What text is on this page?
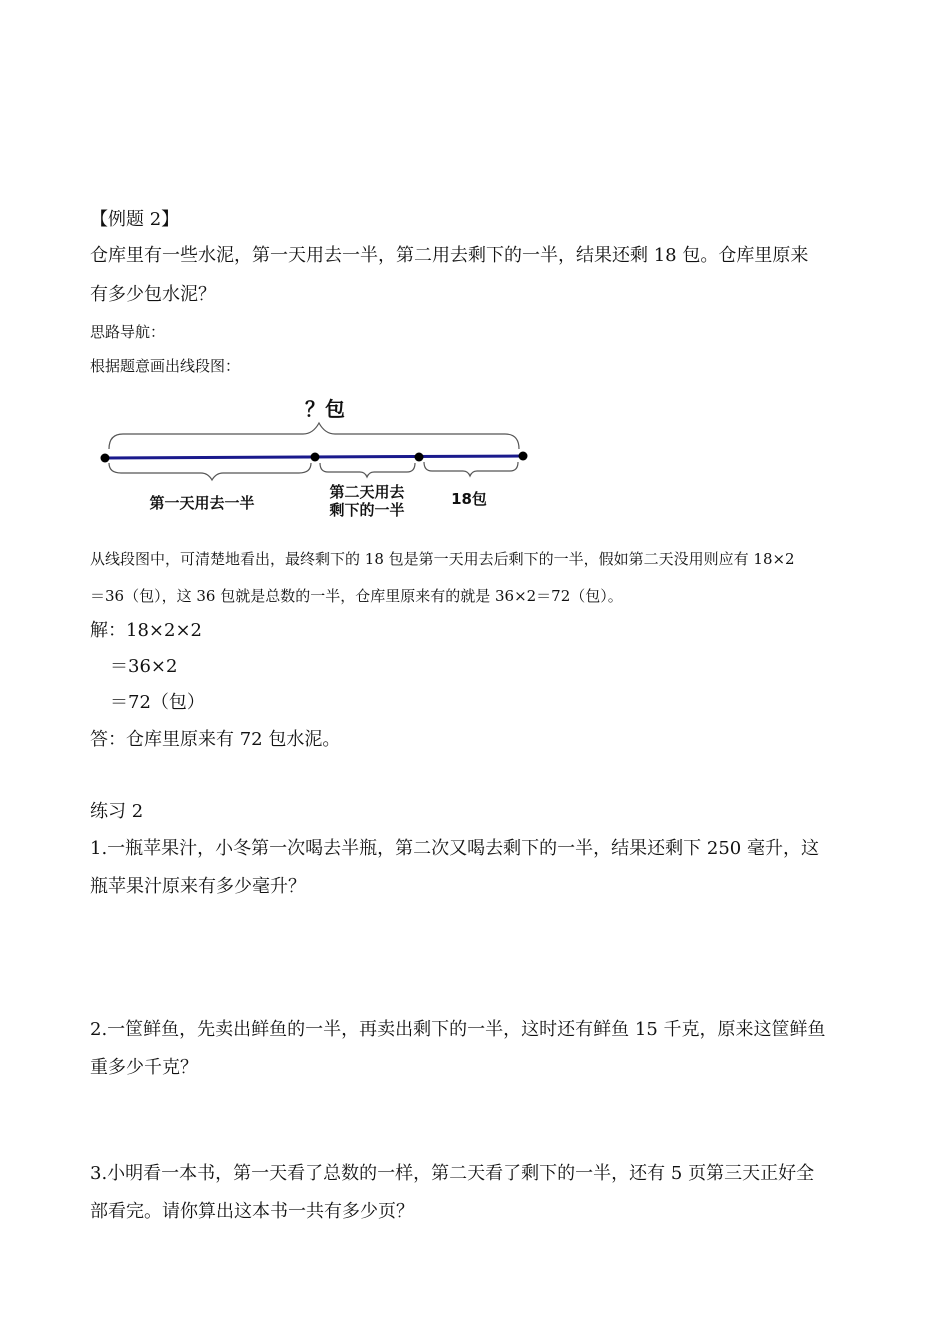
【例题 2】
仓库里有一些水泥，第一天用去一半，第二用去剩下的一半，结果还剩 18 包。仓库里原来
有多少包水泥？
思路导航：
根据题意画出线段图：
？包
第一天用去一半
第二天用去
剩下的一半
18包
从线段图中，可清楚地看出，最终剩下的 18 包是第一天用去后剩下的一半，假如第二天没用则应有 18×2
＝36（包），这 36 包就是总数的一半，仓库里原来有的就是 36×2＝72（包）。
解：18×2×2
＝36×2
＝72（包）
答：仓库里原来有 72 包水泥。
练习 2
1.一瓶苹果汁，小冬第一次喝去半瓶，第二次又喝去剩下的一半，结果还剩下 250 毫升，这
瓶苹果汁原来有多少毫升？
2.一筐鲜鱼，先卖出鲜鱼的一半，再卖出剩下的一半，这时还有鲜鱼 15 千克，原来这筐鲜鱼
重多少千克？
3.小明看一本书，第一天看了总数的一样，第二天看了剩下的一半，还有 5 页第三天正好全
部看完。请你算出这本书一共有多少页？
